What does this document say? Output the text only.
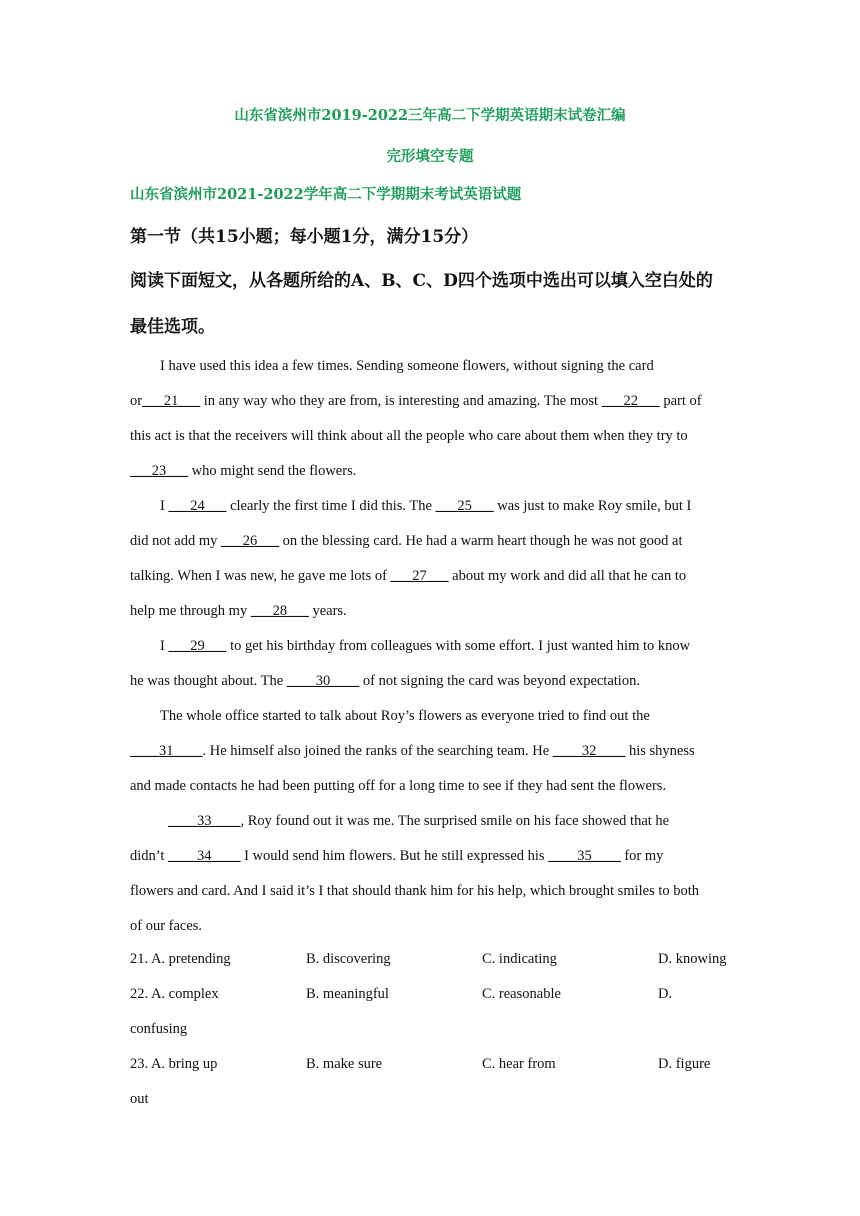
山东省滨州市2019-2022三年高二下学期英语期末试卷汇编
完形填空专题
山东省滨州市2021-2022学年高二下学期期末考试英语试题
第一节（共15小题；每小题1分，满分15分）
阅读下面短文，从各题所给的A、B、C、D四个选项中选出可以填入空白处的
最佳选项。
I have used this idea a few times. Sending someone flowers, without signing the card
or___21___ in any way who they are from, is interesting and amazing. The most ___22___ part of
this act is that the receivers will think about all the people who care about them when they try to
___23___ who might send the flowers.
I ___24___ clearly the first time I did this. The ___25___ was just to make Roy smile, but I
did not add my ___26___ on the blessing card. He had a warm heart though he was not good at
talking. When I was new, he gave me lots of ___27___ about my work and did all that he can to
help me through my ___28___ years.
I ___29___ to get his birthday from colleagues with some effort. I just wanted him to know
he was thought about. The ____30____ of not signing the card was beyond expectation.
The whole office started to talk about Roy’s flowers as everyone tried to find out the
____31____. He himself also joined the ranks of the searching team. He ____32____ his shyness
and made contacts he had been putting off for a long time to see if they had sent the flowers.
____33____, Roy found out it was me. The surprised smile on his face showed that he
didn’t ____34____ I would send him flowers. But he still expressed his ____35____ for my
flowers and card. And I said it’s I that should thank him for his help, which brought smiles to both
of our faces.
21. A. pretending	B. discovering	C. indicating	D. knowing
22. A. complex	B. meaningful	C. reasonable	D.
confusing
23. A. bring up	B. make sure	C. hear from	D. figure
out
